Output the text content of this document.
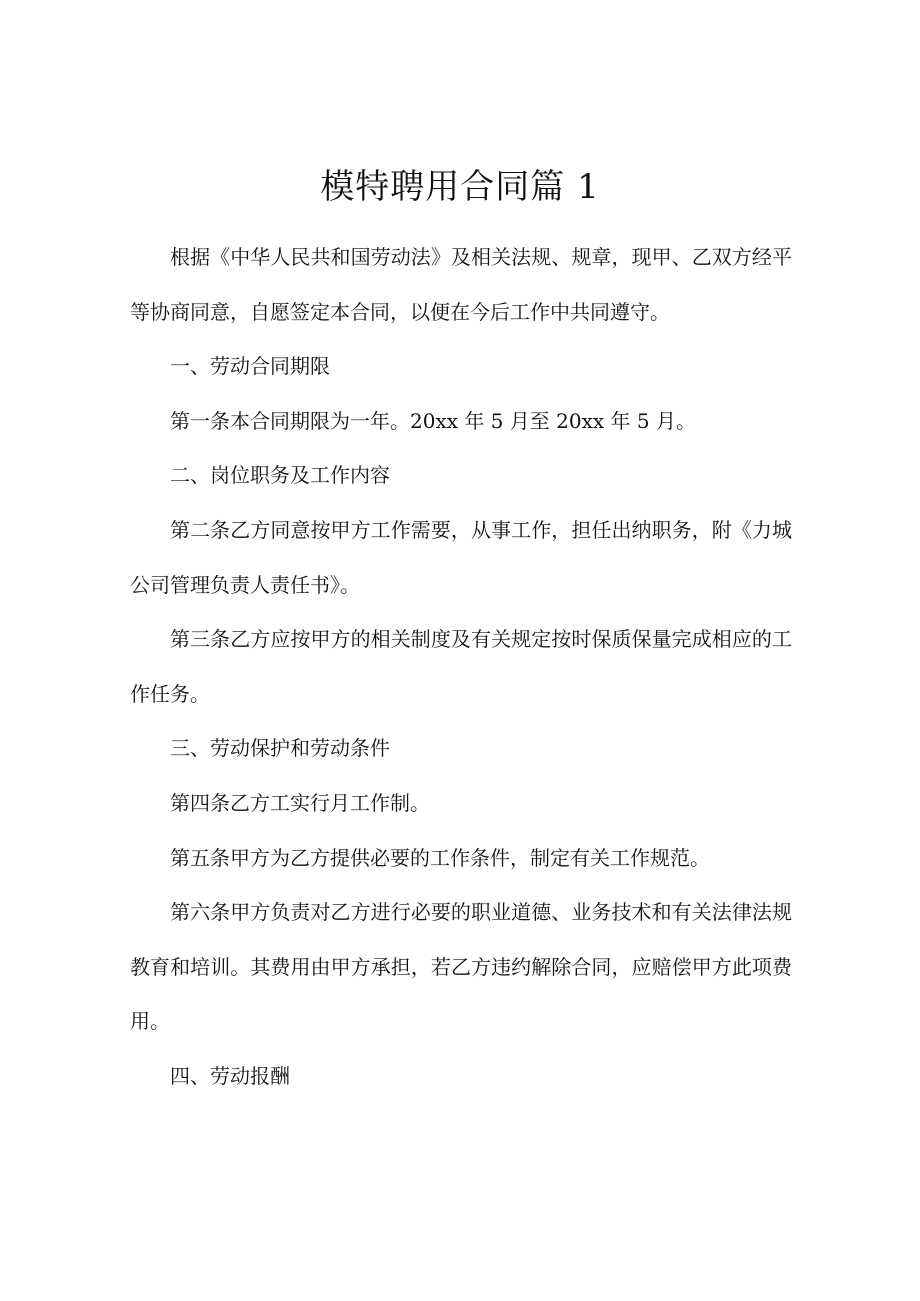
模特聘用合同篇 1

根据《中华人民共和国劳动法》及相关法规、规章，现甲、乙双方经平等协商同意，自愿签定本合同，以便在今后工作中共同遵守。

一、劳动合同期限

第一条本合同期限为一年。20xx 年 5 月至 20xx 年 5 月。

二、岗位职务及工作内容

第二条乙方同意按甲方工作需要，从事工作，担任出纳职务，附《力城 公司管理负责人责任书》。

第三条乙方应按甲方的相关制度及有关规定按时保质保量完成相应的工作任务。

三、劳动保护和劳动条件

第四条乙方工实行月工作制。

第五条甲方为乙方提供必要的工作条件，制定有关工作规范。

第六条甲方负责对乙方进行必要的职业道德、业务技术和有关法律法规教育和培训。其费用由甲方承担，若乙方违约解除合同，应赔偿甲方此项费用。

四、劳动报酬
